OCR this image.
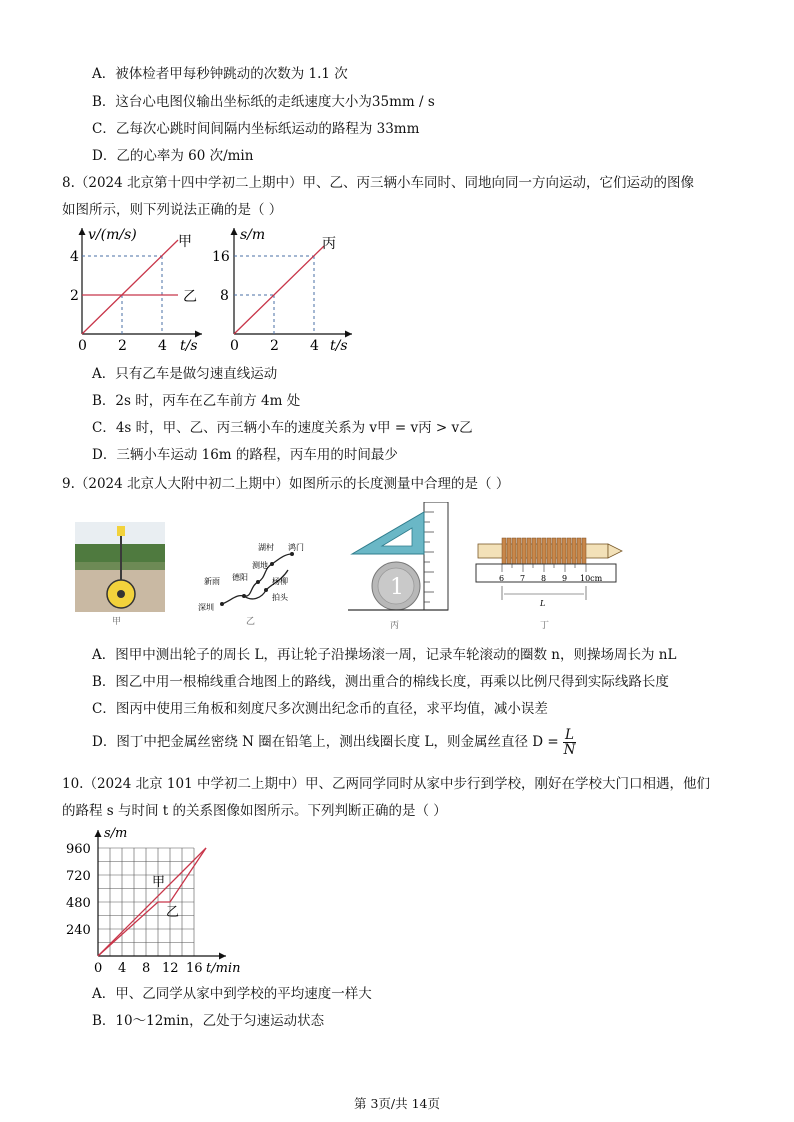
A．被体检者甲每秒钟跳动的次数为 1.1 次
B．这台心电图仪输出坐标纸的走纸速度大小为35mm / s
C．乙每次心跳时间间隔内坐标纸运动的路程为 33mm
D．乙的心率为 60 次/min
8.（2024 北京第十四中学初二上期中）甲、乙、丙三辆小车同时、同地向同一方向运动，它们运动的图像
如图所示，则下列说法正确的是（ ）
v/(m/s)	甲
乙
4
2
0 2 4 t/s
s/m
丙
16
8
0 2 4 t/s
A．只有乙车是做匀速直线运动
B．2s 时，丙车在乙车前方 4m 处
C．4s 时，甲、乙、丙三辆小车的速度关系为 v甲 = v丙 > v乙
D．三辆小车运动 16m 的路程，丙车用的时间最少
9.（2024 北京人大附中初二上期中）如图所示的长度测量中合理的是（ ）
甲
湖村 鸿门
测地
德阳
新雨	杨柳
深圳
拍头
乙
1
丙
6 7 8 9 10cm
L
丁
A．图甲中测出轮子的周长 L，再让轮子沿操场滚一周，记录车轮滚动的圈数 n，则操场周长为 nL
B．图乙中用一根棉线重合地图上的路线，测出重合的棉线长度，再乘以比例尺得到实际线路长度
C．图丙中使用三角板和刻度尺多次测出纪念币的直径，求平均值，减小误差
D．图丁中把金属丝密绕 N 圈在铅笔上，测出线圈长度 L，则金属丝直径 $D = \frac{L}{N}$
10.（2024 北京 101 中学初二上期中）甲、乙两同学同时从家中步行到学校，刚好在学校大门口相遇，他们
的路程 s 与时间 t 的关系图像如图所示。下列判断正确的是（ ）
s/m
甲
乙
960
720
480
240
0 4 8 12 16 t/min
A．甲、乙同学从家中到学校的平均速度一样大
B．10～12min，乙处于匀速运动状态
第 3页/共 14页
